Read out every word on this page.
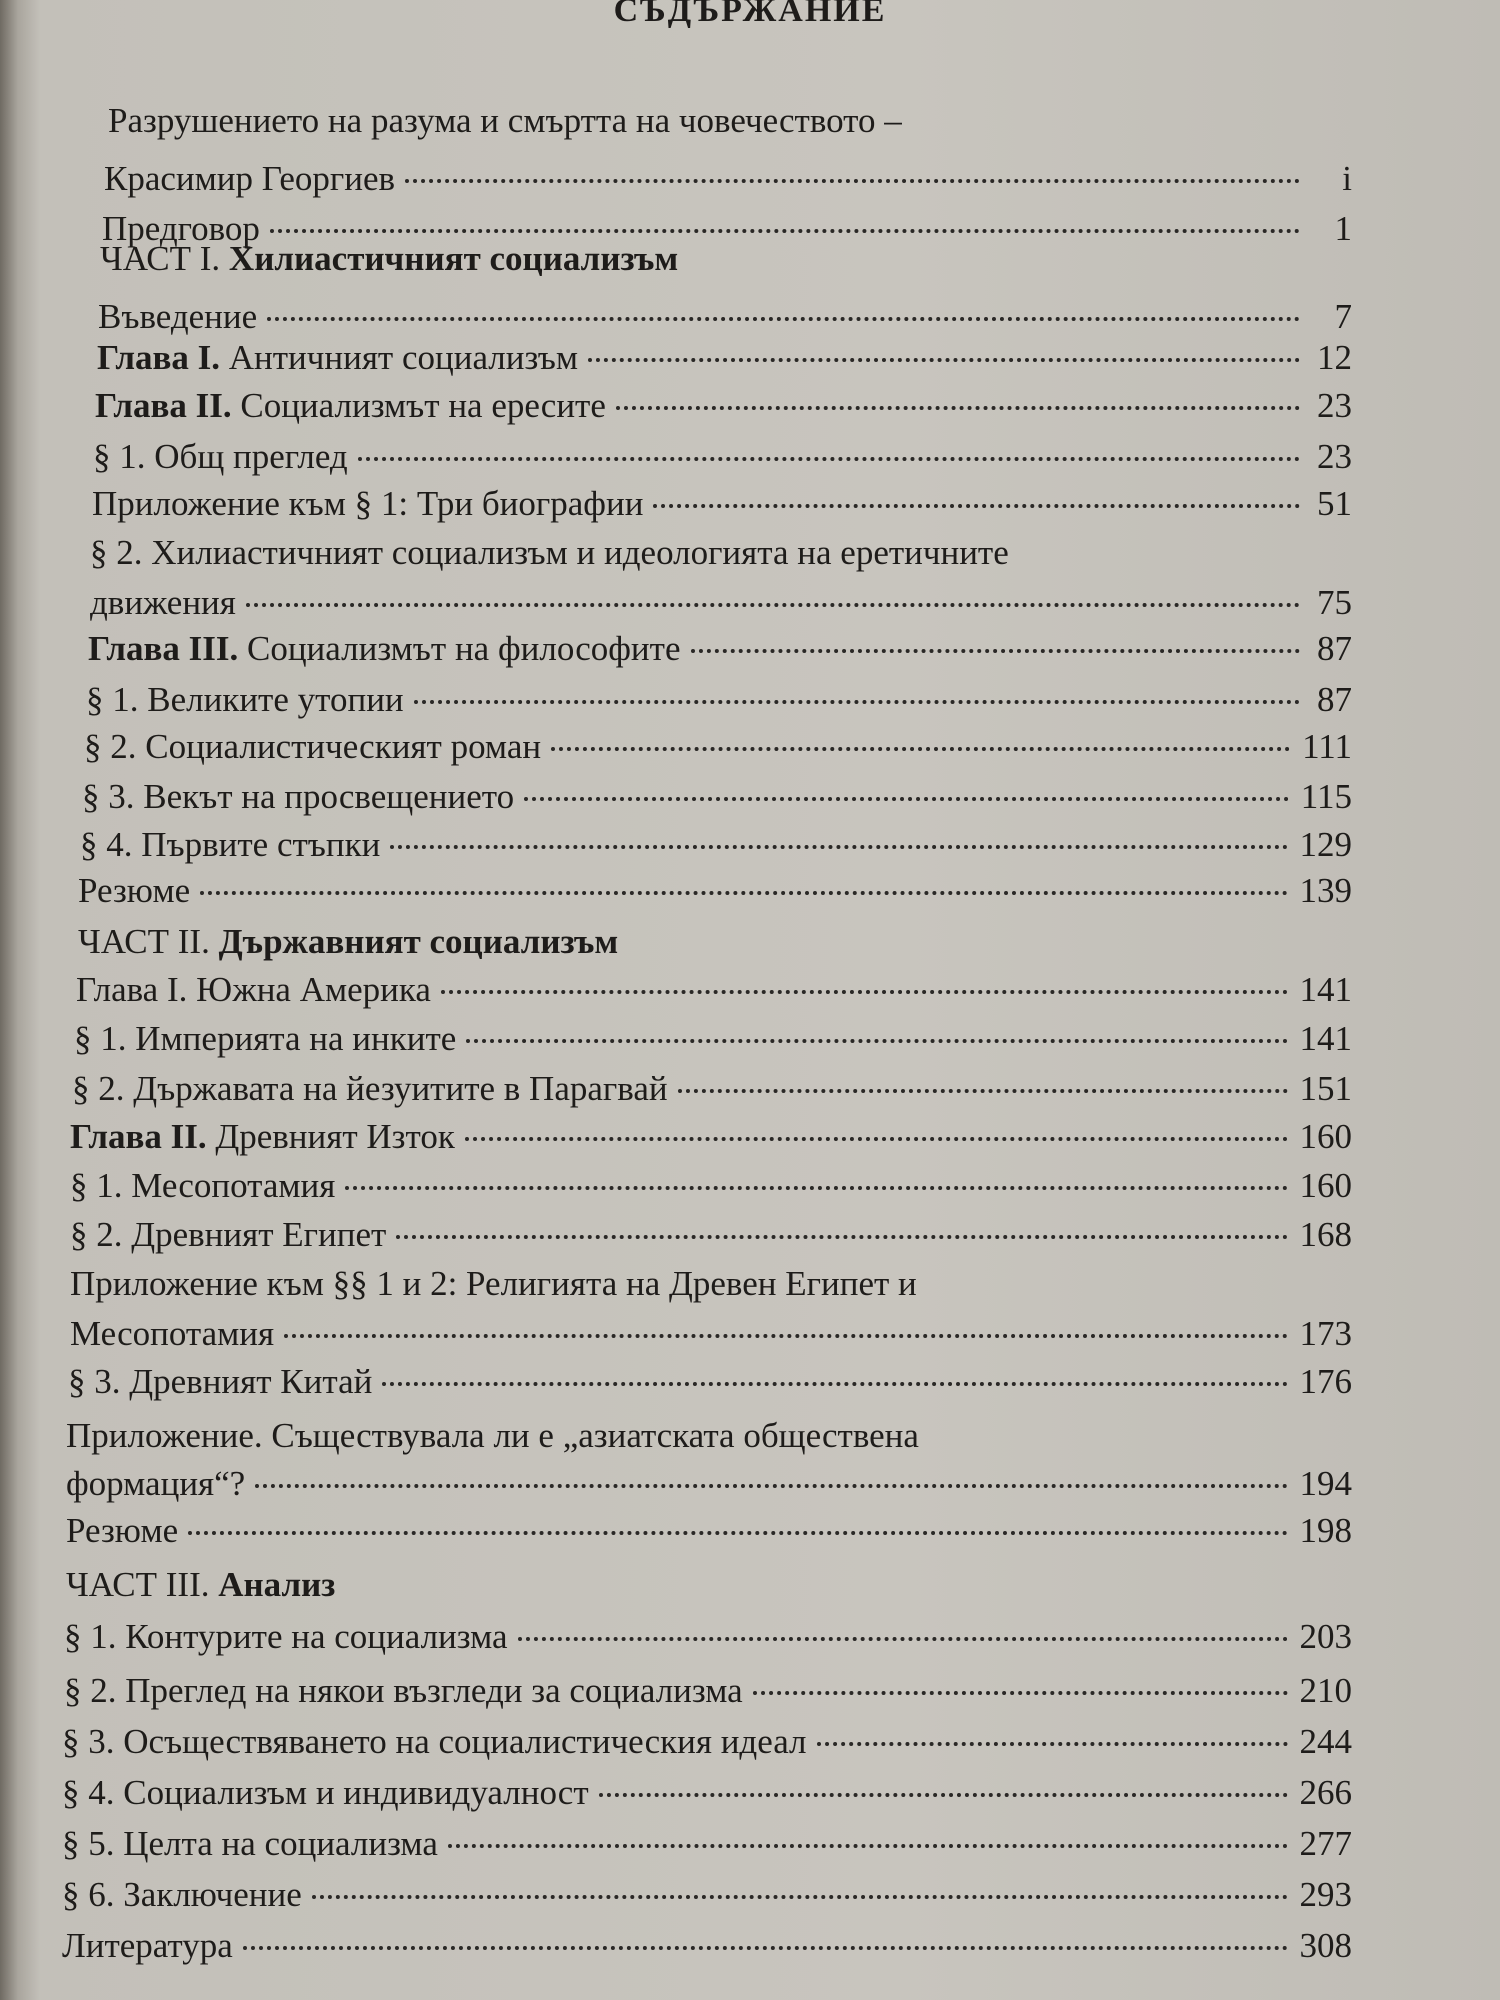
СЪДЪРЖАНИЕ
Разрушението на разума и смъртта на човечеството –
Красимир Георгиев	i
Предговор	1
ЧАСТ I. Хилиастичният социализъм
Въведение	7
Глава I. Античният социализъм	12
Глава II. Социализмът на ересите	23
§ 1. Общ преглед	23
Приложение към § 1: Три биографии	51
§ 2. Хилиастичният социализъм и идеологията на еретичните
движения	75
Глава III. Социализмът на философите	87
§ 1. Великите утопии	87
§ 2. Социалистическият роман	111
§ 3. Векът на просвещението	115
§ 4. Първите стъпки	129
Резюме	139
ЧАСТ II. Държавният социализъм
Глава I. Южна Америка	141
§ 1. Империята на инките	141
§ 2. Държавата на йезуитите в Парагвай	151
Глава II. Древният Изток	160
§ 1. Месопотамия	160
§ 2. Древният Египет	168
Приложение към §§ 1 и 2: Религията на Древен Египет и
Месопотамия	173
§ 3. Древният Китай	176
Приложение. Съществувала ли е „азиатската обществена
формация“?	194
Резюме	198
ЧАСТ III. Анализ
§ 1. Контурите на социализма	203
§ 2. Преглед на някои възгледи за социализма	210
§ 3. Осъществяването на социалистическия идеал	244
§ 4. Социализъм и индивидуалност	266
§ 5. Целта на социализма	277
§ 6. Заключение	293
Литература	308
